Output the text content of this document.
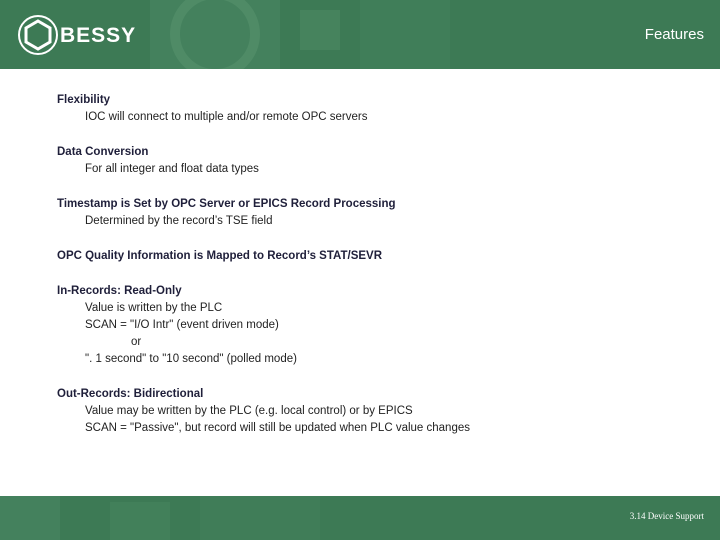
BESSY	Features
Flexibility
IOC will connect to multiple and/or remote OPC servers
Data Conversion
For all integer and float data types
Timestamp is Set by OPC Server or EPICS Record Processing
Determined by the record’s TSE field
OPC Quality Information is Mapped to Record’s STAT/SEVR
In-Records: Read-Only
Value is written by the PLC
SCAN = "I/O Intr" (event driven mode)
or
". 1 second" to "10 second" (polled mode)
Out-Records: Bidirectional
Value may be written by the PLC (e.g. local control) or by EPICS
SCAN = "Passive", but record will still be updated when PLC value changes
3.14 Device Support
